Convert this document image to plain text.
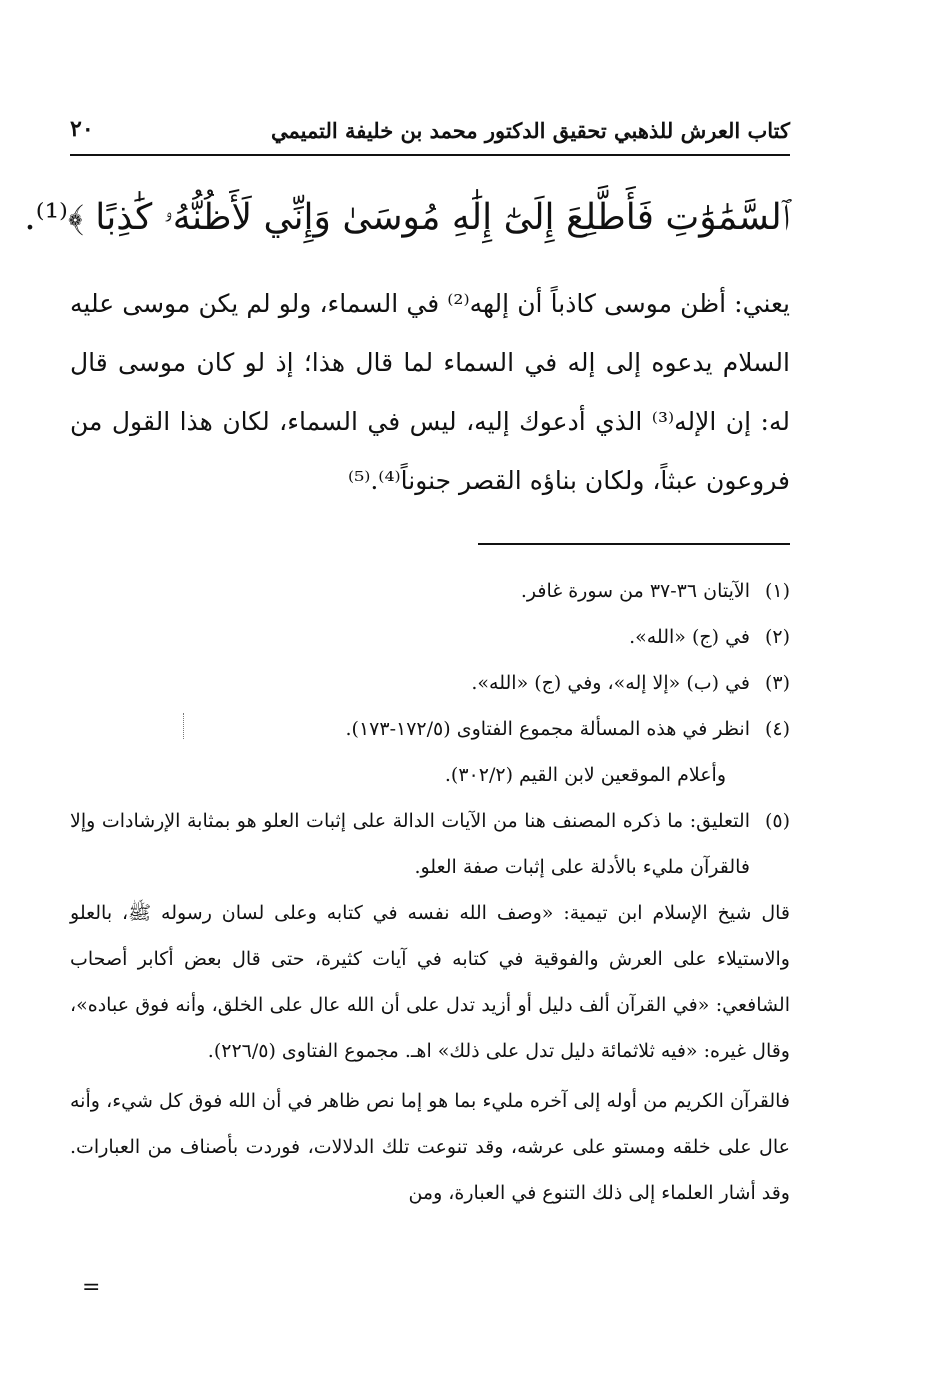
كتاب العرش للذهبي تحقيق الدكتور محمد بن خليفة التميمي
٢٠
ٱلسَّمَٰوَٰتِ فَأَطَّلِعَ إِلَىٰٓ إِلَٰهِ مُوسَىٰ وَإِنِّي لَأَظُنُّهُۥ كَٰذِبًا ﴾⁽¹⁾.

يعني: أظن موسى كاذباً أن إلهه⁽²⁾ في السماء، ولو لم يكن موسى عليه السلام يدعوه إلى إله في السماء لما قال هذا؛ إذ لو كان موسى قال له: إن الإله⁽³⁾ الذي أدعوك إليه، ليس في السماء، لكان هذا القول من فروعون عبثاً، ولكان بناؤه القصر جنوناً⁽⁴⁾.⁽⁵⁾

(١)
الآيتان ٣٦-٣٧ من سورة غافر.
(٢)
في (ج) «الله».
(٣)
في (ب) «إلا إله»، وفي (ج) «الله».
(٤)
انظر في هذه المسألة مجموع الفتاوى (١٧٢/٥-١٧٣).
وأعلام الموقعين لابن القيم (٣٠٢/٢).
(٥)
التعليق: ما ذكره المصنف هنا من الآيات الدالة على إثبات العلو هو بمثابة الإرشادات وإلا فالقرآن مليء بالأدلة على إثبات صفة العلو.
قال شيخ الإسلام ابن تيمية: «وصف الله نفسه في كتابه وعلى لسان رسوله ﷺ، بالعلو والاستيلاء على العرش والفوقية في كتابه في آيات كثيرة، حتى قال بعض أكابر أصحاب الشافعي: «في القرآن ألف دليل أو أزيد تدل على أن الله عال على الخلق، وأنه فوق عباده»، وقال غيره: «فيه ثلاثمائة دليل تدل على ذلك» اهـ. مجموع الفتاوى (٢٢٦/٥).
فالقرآن الكريم من أوله إلى آخره مليء بما هو إما نص ظاهر في أن الله فوق كل شيء، وأنه عال على خلقه ومستو على عرشه، وقد تنوعت تلك الدلالات، فوردت بأصناف من العبارات. وقد أشار العلماء إلى ذلك التنوع في العبارة، ومن
=
